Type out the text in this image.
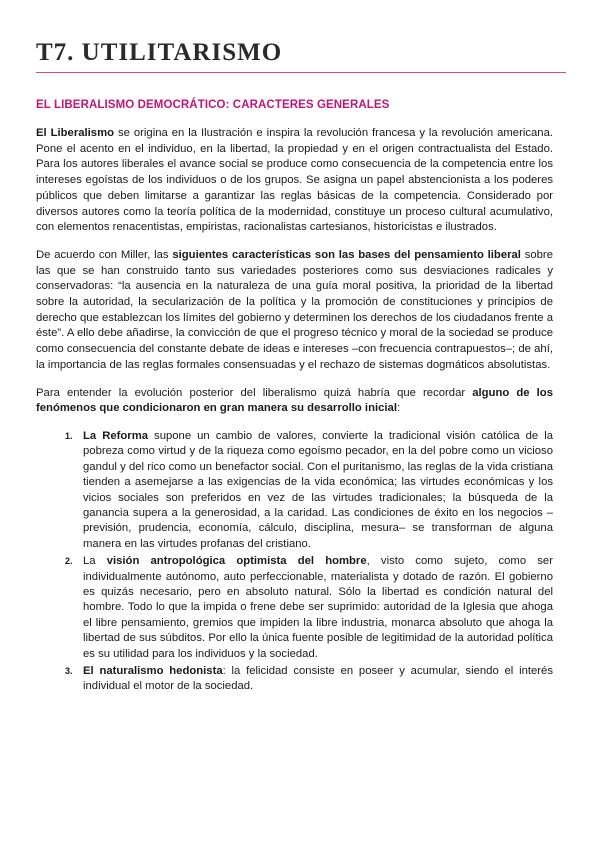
T7. UTILITARISMO
EL LIBERALISMO DEMOCRÁTICO: CARACTERES GENERALES

El Liberalismo se origina en la Ilustración e inspira la revolución francesa y la revolución americana. Pone el acento en el individuo, en la libertad, la propiedad y en el origen contractualista del Estado. Para los autores liberales el avance social se produce como consecuencia de la competencia entre los intereses egoístas de los individuos o de los grupos. Se asigna un papel abstencionista a los poderes públicos que deben limitarse a garantizar las reglas básicas de la competencia. Considerado por diversos autores como la teoría política de la modernidad, constituye un proceso cultural acumulativo, con elementos renacentistas, empiristas, racionalistas cartesianos, historicistas e ilustrados.

De acuerdo con Miller, las siguientes características son las bases del pensamiento liberal sobre las que se han construido tanto sus variedades posteriores como sus desviaciones radicales y conservadoras: “la ausencia en la naturaleza de una guía moral positiva, la prioridad de la libertad sobre la autoridad, la secularización de la política y la promoción de constituciones y principios de derecho que establezcan los límites del gobierno y determinen los derechos de los ciudadanos frente a éste”. A ello debe añadirse, la convicción de que el progreso técnico y moral de la sociedad se produce como consecuencia del constante debate de ideas e intereses –con frecuencia contrapuestos–; de ahí, la importancia de las reglas formales consensuadas y el rechazo de sistemas dogmáticos absolutistas.

Para entender la evolución posterior del liberalismo quizá habría que recordar alguno de los fenómenos que condicionaron en gran manera su desarrollo inicial:

1. La Reforma supone un cambio de valores, convierte la tradicional visión católica de la pobreza como virtud y de la riqueza como egoísmo pecador, en la del pobre como un vicioso gandul y del rico como un benefactor social. Con el puritanismo, las reglas de la vida cristiana tienden a asemejarse a las exigencias de la vida económica; las virtudes económicas y los vicios sociales son preferidos en vez de las virtudes tradicionales; la búsqueda de la ganancia supera a la generosidad, a la caridad. Las condiciones de éxito en los negocios –previsión, prudencia, economía, cálculo, disciplina, mesura– se transforman de alguna manera en las virtudes profanas del cristiano.
2. La visión antropológica optimista del hombre, visto como sujeto, como ser individualmente autónomo, auto perfeccionable, materialista y dotado de razón. El gobierno es quizás necesario, pero en absoluto natural. Sólo la libertad es condición natural del hombre. Todo lo que la impida o frene debe ser suprimido: autoridad de la Iglesia que ahoga el libre pensamiento, gremios que impiden la libre industria, monarca absoluto que ahoga la libertad de sus súbditos. Por ello la única fuente posible de legitimidad de la autoridad política es su utilidad para los individuos y la sociedad.
3. El naturalismo hedonista: la felicidad consiste en poseer y acumular, siendo el interés individual el motor de la sociedad.
